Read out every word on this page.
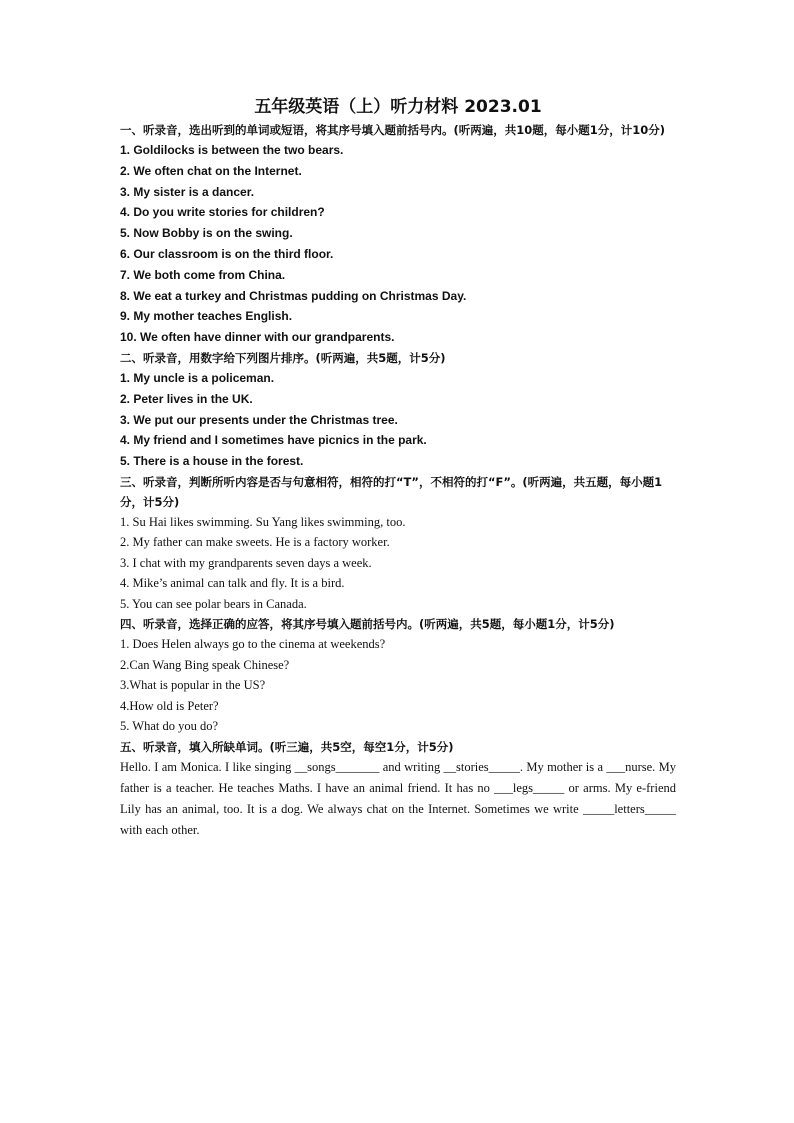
五年级英语（上）听力材料 2023.01

一、听录音，选出听到的单词或短语，将其序号填入题前括号内。(听两遍，共10题，每小题1分，计10分)

1. Goldilocks is between the two bears.

2. We often chat on the Internet.

3. My sister is a dancer.

4. Do you write stories for children?

5. Now Bobby is on the swing.

6. Our classroom is on the third floor.

7. We both come from China.

8. We eat a turkey and Christmas pudding on Christmas Day.

9. My mother teaches English.

10. We often have dinner with our grandparents.

二、听录音，用数字给下列图片排序。(听两遍，共5题，计5分)

1. My uncle is a policeman.

2. Peter lives in the UK.

3. We put our presents under the Christmas tree.

4. My friend and I sometimes have picnics in the park.

5. There is a house in the forest.

三、听录音，判断所听内容是否与句意相符，相符的打“T”，不相符的打“F”。(听两遍，共五题，每小题1分，计5分)

1. Su Hai likes swimming. Su Yang likes swimming, too.

2. My father can make sweets. He is a factory worker.

3. I chat with my grandparents seven days a week.

4. Mike’s animal can talk and fly. It is a bird.

5. You can see polar bears in Canada.

四、听录音，选择正确的应答，将其序号填入题前括号内。(听两遍，共5题，每小题1分，计5分)

1. Does Helen always go to the cinema at weekends?

2.Can Wang Bing speak Chinese?

3.What is popular in the US?

4.How old is Peter?

5. What do you do?

五、听录音，填入所缺单词。(听三遍，共5空，每空1分，计5分)

Hello. I am Monica. I like singing __songs_______ and writing __stories_____. My mother is a ___nurse. My father is a teacher. He teaches Maths. I have an animal friend. It has no ___legs_____ or arms. My e-friend Lily has an animal, too. It is a dog. We always chat on the Internet. Sometimes we write _____letters_____ with each other.
